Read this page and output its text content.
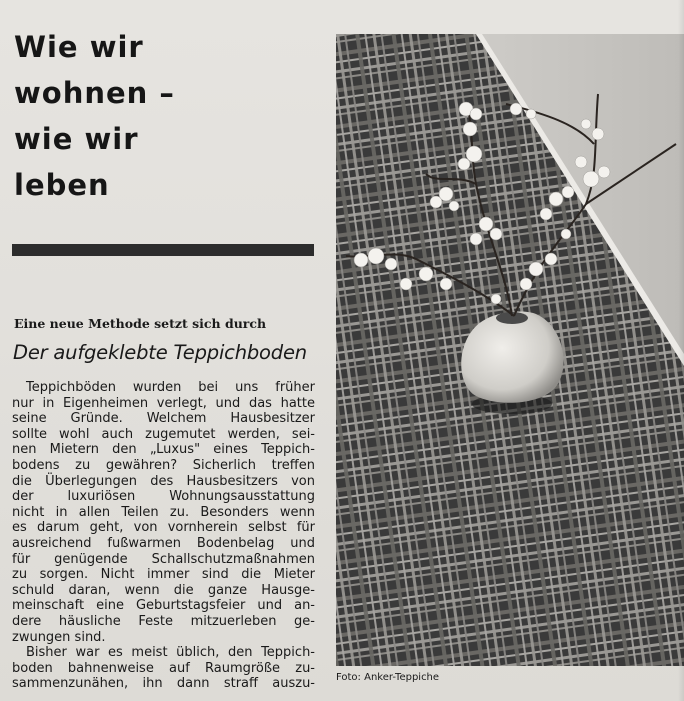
Wie wir
wohnen –
wie wir
leben
Eine neue Methode setzt sich durch
Der aufgeklebte Teppichboden
Teppichböden wurden bei uns früher
nur in Eigenheimen verlegt, und das hatte
seine Gründe. Welchem Hausbesitzer
sollte wohl auch zugemutet werden, sei-
nen Mietern den „Luxus" eines Teppich-
bodens zu gewähren? Sicherlich treffen
die Überlegungen des Hausbesitzers von
der luxuriösen Wohnungsausstattung
nicht in allen Teilen zu. Besonders wenn
es darum geht, von vornherein selbst für
ausreichend fußwarmen Bodenbelag und
für genügende Schallschutzmaßnahmen
zu sorgen. Nicht immer sind die Mieter
schuld daran, wenn die ganze Hausge-
meinschaft eine Geburtstagsfeier und an-
dere häusliche Feste mitzuerleben ge-
zwungen sind.
Bisher war es meist üblich, den Teppich-
boden bahnenweise auf Raumgröße zu-
sammenzunähen, ihn dann straff auszu- Foto: Anker-Teppiche
